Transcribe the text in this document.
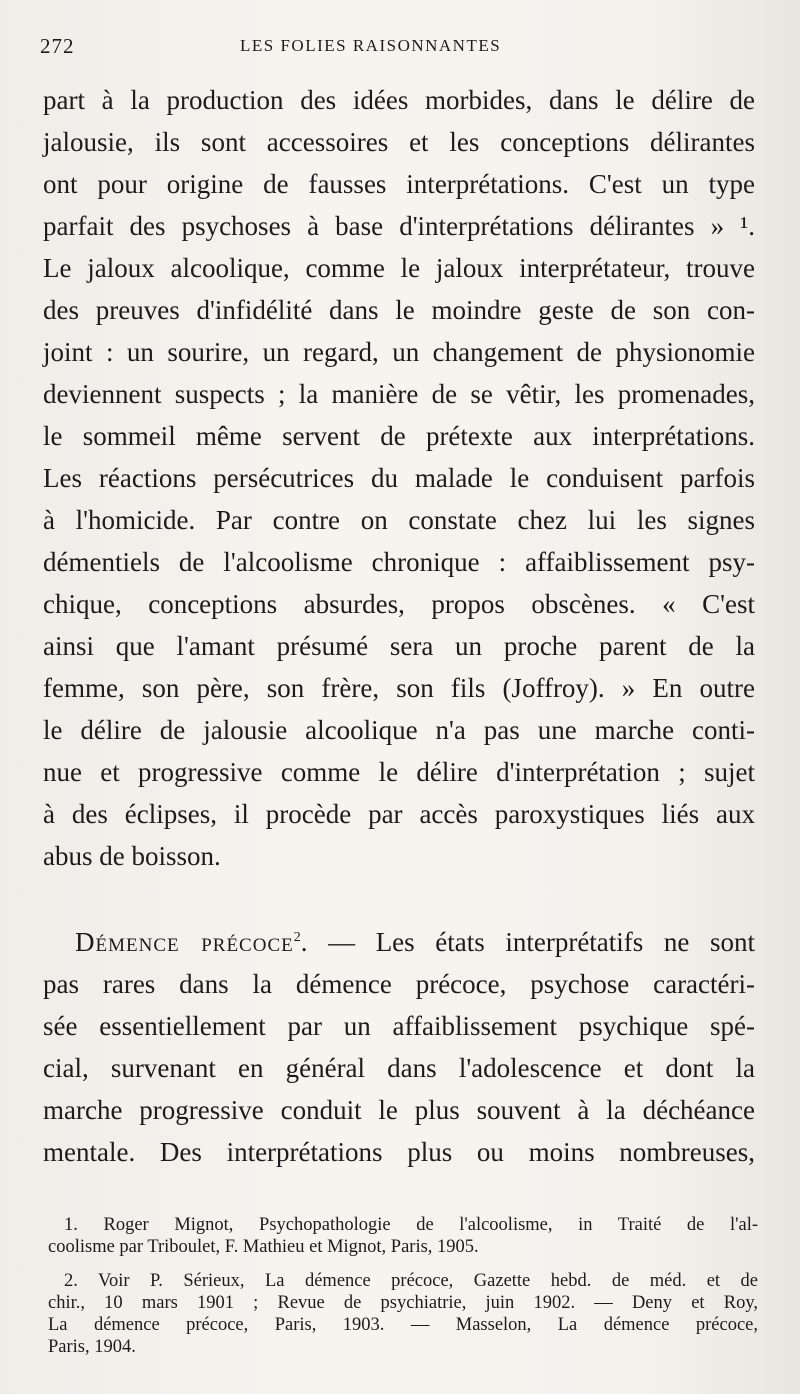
272	LES FOLIES RAISONNANTES
part à la production des idées morbides, dans le délire de
jalousie, ils sont accessoires et les conceptions délirantes
ont pour origine de fausses interprétations. C'est un type
parfait des psychoses à base d'interprétations délirantes » ¹.
Le jaloux alcoolique, comme le jaloux interprétateur, trouve
des preuves d'infidélité dans le moindre geste de son con-
joint : un sourire, un regard, un changement de physionomie
deviennent suspects ; la manière de se vêtir, les promenades,
le sommeil même servent de prétexte aux interprétations.
Les réactions persécutrices du malade le conduisent parfois
à l'homicide. Par contre on constate chez lui les signes
démentiels de l'alcoolisme chronique : affaiblissement psy-
chique, conceptions absurdes, propos obscènes. « C'est
ainsi que l'amant présumé sera un proche parent de la
femme, son père, son frère, son fils (Joffroy). » En outre
le délire de jalousie alcoolique n'a pas une marche conti-
nue et progressive comme le délire d'interprétation ; sujet
à des éclipses, il procède par accès paroxystiques liés aux
abus de boisson.
Démence précoce$^2$. — Les états interprétatifs ne sont
pas rares dans la démence précoce, psychose caractéri-
sée essentiellement par un affaiblissement psychique spé-
cial, survenant en général dans l'adolescence et dont la
marche progressive conduit le plus souvent à la déchéance
mentale. Des interprétations plus ou moins nombreuses,
1. Roger Mignot, Psychopathologie de l'alcoolisme, in Traité de l'al-
coolisme par Triboulet, F. Mathieu et Mignot, Paris, 1905.
2. Voir P. Sérieux, La démence précoce, Gazette hebd. de méd. et de
chir., 10 mars 1901 ; Revue de psychiatrie, juin 1902. — Deny et Roy,
La démence précoce, Paris, 1903. — Masselon, La démence précoce,
Paris, 1904.
